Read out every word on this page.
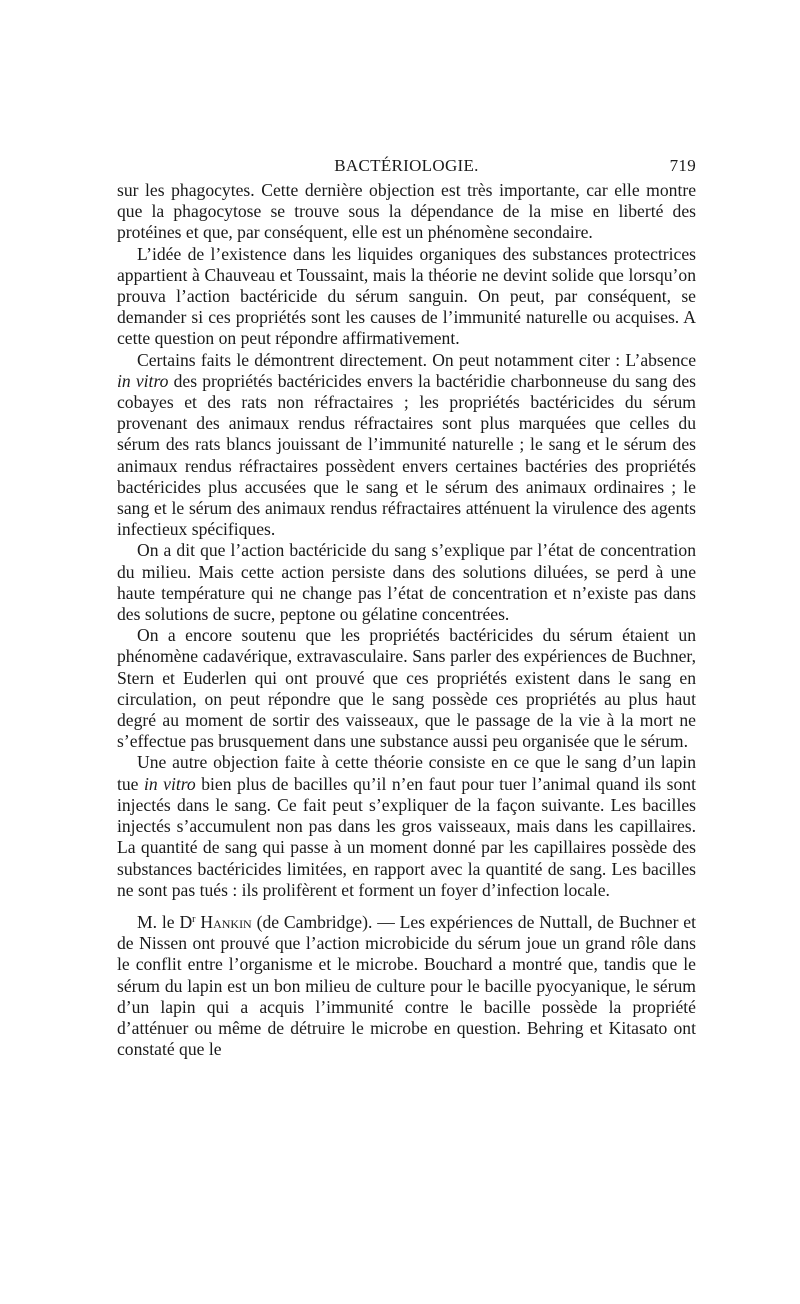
BACTÉRIOLOGIE.	719

sur les phagocytes. Cette dernière objection est très importante, car elle montre que la phagocytose se trouve sous la dépendance de la mise en liberté des protéines et que, par conséquent, elle est un phénomène secondaire.

L’idée de l’existence dans les liquides organiques des substances protectrices appartient à Chauveau et Toussaint, mais la théorie ne devint solide que lorsqu’on prouva l’action bactéricide du sérum sanguin. On peut, par conséquent, se demander si ces propriétés sont les causes de l’immunité naturelle ou acquises. A cette question on peut répondre affirmativement.

Certains faits le démontrent directement. On peut notamment citer : L’absence in vitro des propriétés bactéricides envers la bactéridie charbonneuse du sang des cobayes et des rats non réfractaires ; les propriétés bactéricides du sérum provenant des animaux rendus réfractaires sont plus marquées que celles du sérum des rats blancs jouissant de l’immunité naturelle ; le sang et le sérum des animaux rendus réfractaires possèdent envers certaines bactéries des propriétés bactéricides plus accusées que le sang et le sérum des animaux ordinaires ; le sang et le sérum des animaux rendus réfractaires atténuent la virulence des agents infectieux spécifiques.

On a dit que l’action bactéricide du sang s’explique par l’état de concentration du milieu. Mais cette action persiste dans des solutions diluées, se perd à une haute température qui ne change pas l’état de concentration et n’existe pas dans des solutions de sucre, peptone ou gélatine concentrées.

On a encore soutenu que les propriétés bactéricides du sérum étaient un phénomène cadavérique, extravasculaire. Sans parler des expériences de Buchner, Stern et Euderlen qui ont prouvé que ces propriétés existent dans le sang en circulation, on peut répondre que le sang possède ces propriétés au plus haut degré au moment de sortir des vaisseaux, que le passage de la vie à la mort ne s’effectue pas brusquement dans une substance aussi peu organisée que le sérum.

Une autre objection faite à cette théorie consiste en ce que le sang d’un lapin tue in vitro bien plus de bacilles qu’il n’en faut pour tuer l’animal quand ils sont injectés dans le sang. Ce fait peut s’expliquer de la façon suivante. Les bacilles injectés s’accumulent non pas dans les gros vaisseaux, mais dans les capillaires. La quantité de sang qui passe à un moment donné par les capillaires possède des substances bactéricides limitées, en rapport avec la quantité de sang. Les bacilles ne sont pas tués : ils prolifèrent et forment un foyer d’infection locale.

M. le $D^r$ Hankin (de Cambridge). — Les expériences de Nuttall, de Buchner et de Nissen ont prouvé que l’action microbicide du sérum joue un grand rôle dans le conflit entre l’organisme et le microbe. Bouchard a montré que, tandis que le sérum du lapin est un bon milieu de culture pour le bacille pyocyanique, le sérum d’un lapin qui a acquis l’immunité contre le bacille possède la propriété d’atténuer ou même de détruire le microbe en question. Behring et Kitasato ont constaté que le
